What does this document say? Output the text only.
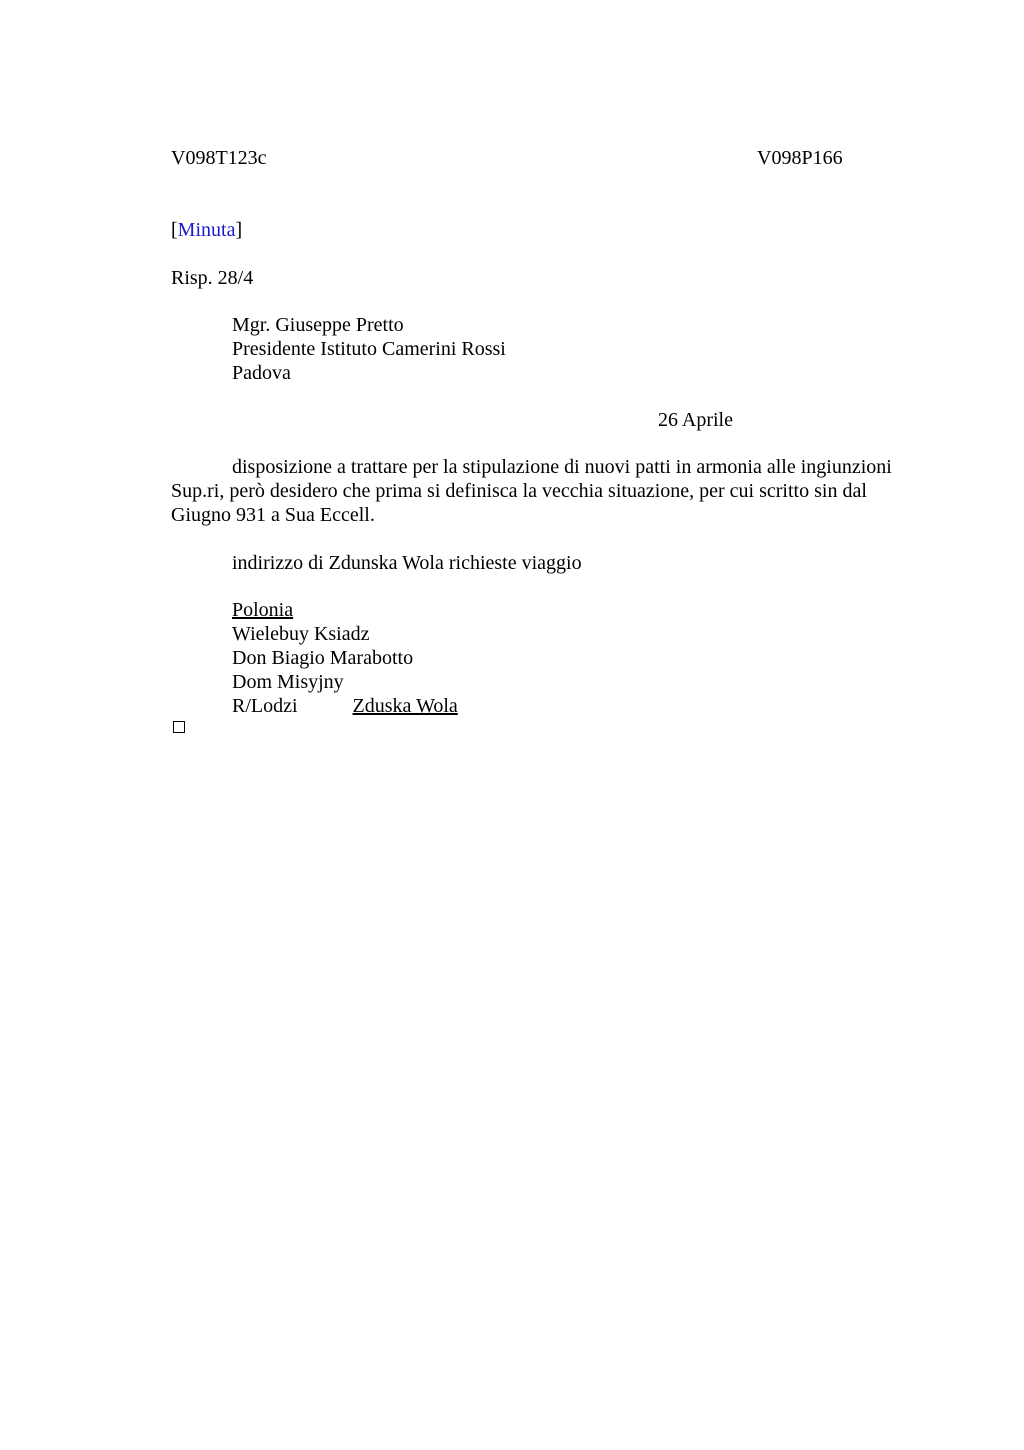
V098T123c	V098P166
[Minuta]
Risp. 28/4
Mgr. Giuseppe Pretto
Presidente Istituto Camerini Rossi
Padova
26 Aprile
disposizione a trattare per la stipulazione di nuovi patti in armonia alle ingiunzioni Sup.ri, però desidero che prima si definisca la vecchia situazione, per cui scritto sin dal Giugno 931 a Sua Eccell.
indirizzo di Zdunska Wola richieste viaggio
Polonia
Wielebuy Ksiadz
Don Biagio Marabotto
Dom Misyjny
R/Lodzi	Zduska Wola
